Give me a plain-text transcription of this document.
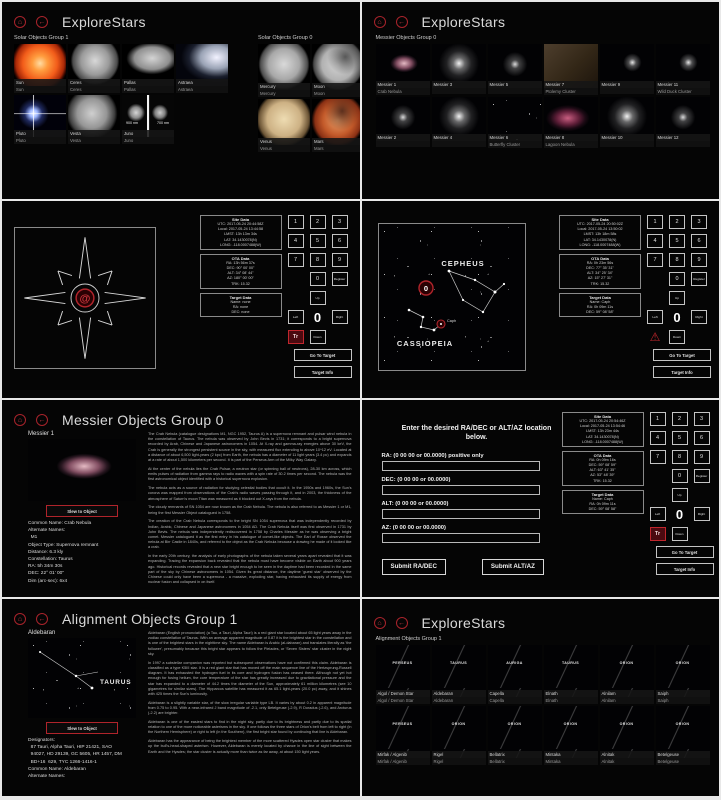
⌂ ← ExploreStars
Solar Objects Group 1
Sun
Sun
Ceres
Ceres
Pallas
Pallas
Astraea
Astraea
Pluto
Pluto
Vesta
Vesta
900 nm	700 nm
Juno
Juno
Solar Objects Group 0
Mercury
Mercury
Moon
Moon
Venus
Venus
Mars
Mars
⌂ ← ExploreStars
Messier Objects Group 0
Messier 1
Crab Nebula
Messier 3	Messier 5	Messier 7
Ptolemy Cluster
Messier 9	Messier 11
Wild Duck Cluster
Messier 2	Messier 4	Messier 6
Butterfly Cluster
Messier 8
Lagoon Nebula
Messier 10	Messier 12
@
Site Data
UTC: 2017-05-24 20:44:58Z
Local: 2017-05-24 13:44:58
LMST: 13h 13m 34s
LAT: 34.1430078(N)
LONG: -118.0007488(W)
OTA Data
RA: 13h 56m 37s
DEC: 90° 00' 00"
ALT: 34° 08' 44"
AZ: 180° 00' 00"
TRK: 15.32
Target Data
Name: none
RA: none
DEC: none
1	2	3
4	5	6
7	8	9
0	Register
Up
Left	0	Right
Tr	Down
Go To Target
Target Info
CEPHEUS
CASSIOPEIA
0
Caph
Site Data
UTC: 2017-05-24 20:50:02Z
Local: 2017-05-24 13:50:02
LMST: 13h 18m 58s
LAT: 34.1430078(N)
LONG: -118.0007488(W)
OTA Data
RA: 0h 23m 56s
DEC: 77° 35' 31"
ALT: 34° 25' 34"
AZ: 15° 27' 31"
TRK: 15.32
Target Data
Name: Caph
RA: 0h 09m 11s
DEC: 59° 08' 58"
1	2	3
4	5	6
7	8	9
0	Register
Up
Left	0	Right
⚠	Down
Go To Target
Target Info
⌂ ← Messier Objects Group 0
Messier 1
Slew to Object
Common Name: Crab Nebula
Alternate Names:
M1
Object Type: Supernova remnant
Distance: 6.3 kly
Constellation: Taurus
RA: 5h 34m 30s
DEC: 22° 01' 00"
Dim (arc-sec): 6x4

The Crab Nebula (catalogue designations M1, NGC 1952, Taurus A) is a supernova remnant and pulsar wind nebula in the constellation of Taurus. The nebula was observed by John Bevis in 1731; it corresponds to a bright supernova recorded by Arab, Chinese and Japanese astronomers in 1054. At X-ray and gamma-ray energies above 30 keV, the Crab is generally the strongest persistent source in the sky, with measured flux extending to above 10^12 eV. Located at a distance of about 6,500 light-years (2 kpc) from Earth, the nebula has a diameter of 11 light years (3.4 pc) and expands at a rate of about 1,500 kilometers per second. It is part of the Perseus Arm of the Milky Way Galaxy.

At the center of the nebula lies the Crab Pulsar, a neutron star (or spinning ball of neutrons), 28-30 km across, which emits pulses of radiation from gamma rays to radio waves with a spin rate of 30.2 times per second. The nebula was the first astronomical object identified with a historical supernova explosion.

The nebula acts as a source of radiation for studying celestial bodies that occult it. In the 1950s and 1960s, the Sun's corona was mapped from observations of the Crab's radio waves passing through it, and in 2003, the thickness of the atmosphere of Saturn's moon Titan was measured as it blocked out X-rays from the nebula.

The cloudy remnants of SN 1054 are now known as the Crab Nebula. The nebula is also referred to as Messier 1 or M1, being the first Messier Object catalogued in 1758.

The creation of the Crab Nebula corresponds to the bright SN 1054 supernova that was independently recorded by Indian, Arabic, Chinese and Japanese astronomers in 1054 AD. The Crab Nebula itself was first observed in 1731 by John Bevis. The nebula was independently rediscovered in 1758 by Charles Messier as he was observing a bright comet. Messier catalogued it as the first entry in his catalogue of comet-like objects. The Earl of Rosse observed the nebula at Birr Castle in 1840s, and referred to the object as the Crab Nebula because a drawing he made of it looked like a crab.

In the early 20th century, the analysis of early photographs of the nebula taken several years apart revealed that it was expanding. Tracing the expansion back revealed that the nebula must have become visible on Earth about 900 years ago. Historical records revealed that a new star bright enough to be seen in the daytime had been recorded in the same part of the sky by Chinese astronomers in 1054. Given its great distance, the daytime 'guest star' observed by the Chinese could only have been a supernova - a massive, exploding star, having exhausted its supply of energy from nuclear fusion and collapsed in on itself.

Enter the desired RA/DEC or ALT/AZ location below.
RA: (0 00 00 or 00.0000) positive only
DEC: (0 00 00 or 00.0000)
ALT: (0 00 00 or 00.0000)
AZ: (0 00 00 or 00.0000)
Submit RA/DEC	Submit ALT/AZ
Site Data
UTC: 2017-05-24 20:54:46Z
Local: 2017-05-24 13:54:46
LMST: 13h 23m 44s
LAT: 34.1430078(N)
LONG: -118.0007488(W)
OTA Data
RA: 0h 09m 16s
DEC: 59° 08' 59"
ALT: 63° 41' 35"
AZ: 53° 48' 39"
TRK: 15.32
Target Data
Name: Caph
RA: 0h 09m 11s
DEC: 59° 08' 58"
1	2	3
4	5	6
7	8	9
0	Register
Up
Left	0	Right
Tr	Down
Go To Target
Target Info
⌂ ← Alignment Objects Group 1
Aldebaran
TAURUS
Slew to Object
Designators:
87 Tauri, Alpha Tauri, HIP 21421, SAO
94027, HD 29139, GC 5605, HR 1457, DM
BD+16  629, TYC 1266-1416-1
Common Name: Aldebaran
Alternate Names:

Aldebaran (English pronunciation) (a Tau, a Tauri, Alpha Tauri) is a red giant star located about 65 light years away in the zodiac constellation of Taurus. With an average apparent magnitude of 0.87 it is the brightest star in the constellation and is one of the brightest stars in the nighttime sky. The name Aldebaran is Arabic (al-dabaran) and translates literally as 'the follower', presumably because this bright star appears to follow the Pleiades, or 'Seven Sisters' star cluster in the night sky.

In 1997 a substellar companion was reported but subsequent observations have not confirmed this claim. Aldebaran is classified as a type K5III star. It is a red giant star that has moved off the main sequence line of the Hertzsprung-Russell diagram. It has exhausted the hydrogen fuel in its core and hydrogen fusion has ceased there. Although not yet hot enough for fusing helium, the core temperature of the star has greatly increased due to gravitational pressure and the star has expanded to a diameter of 44.2 times the diameter of the Sun, approximately 61 million kilometres (see 10 gigametres for similar sizes). The Hipparcos satellite has measured it as 65.1 light-years (20.0 pc) away, and it shines with 425 times the Sun's luminosity.

Aldebaran is a slightly variable star, of the slow irregular variable type LB. It varies by about 0.2 in apparent magnitude from 0.75 to 0.95. With a near-infrared J band magnitude of -2.1, only Betelgeuse (-2.9), R Doradus (-2.6), and Arcturus (-2.2) are brighter.

Aldebaran is one of the easiest stars to find in the night sky, partly due to its brightness and partly due to its spatial relation to one of the more noticeable asterisms in the sky. If one follows the three stars of Orion's belt from left to right (in the Northern Hemisphere) or right to left (in the Southern), the first bright star found by continuing that line is Aldebaran.

Aldebaran has the appearance of being the brightest member of the more scattered Hyades open star cluster that makes up the bull's-head-shaped asterism. However, Aldebaran is merely located by chance in the line of sight between the Earth and the Hyades; the star cluster is actually more than twice as far away, at about 150 light years.

⌂ ← ExploreStars
Alignment Objects Group 1
PERSEUS
Algol / Demon Star
Algol / Demon Star
TAURUS
Aldebaran
Aldebaran
AURIGA
Capella
Capella
TAURUS
Elnath
Elnath
ORION
Alnilam
Alnilam
ORION
Saiph
Saiph
PERSEUS
Mirfak / Algenib
Mirfak / Algenib
ORION
Rigel
Rigel
ORION
Bellatrix
Bellatrix
ORION
Mintaka
Mintaka
ORION
Alnitak
Alnitak
ORION
Betelgeuse
Betelgeuse
